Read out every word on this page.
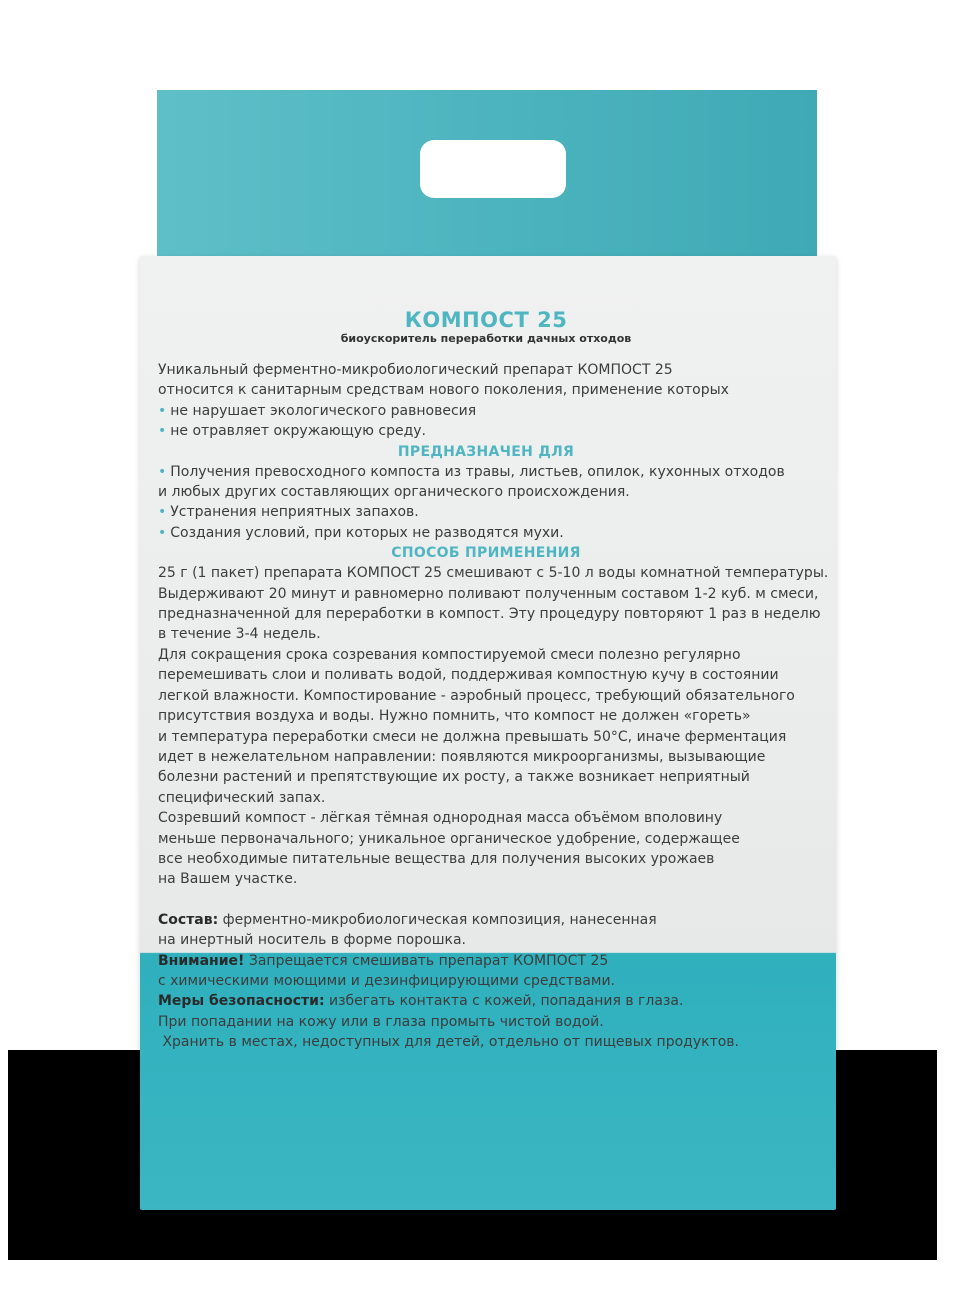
КОМПОСТ 25
биоускоритель переработки дачных отходов
Уникальный ферментно-микробиологический препарат КОМПОСТ 25
относится к санитарным средствам нового поколения, применение которых
• не нарушает экологического равновесия
• не отравляет окружающую среду.
ПРЕДНАЗНАЧЕН ДЛЯ
• Получения превосходного компоста из травы, листьев, опилок, кухонных отходов
и любых других составляющих органического происхождения.
• Устранения неприятных запахов.
• Создания условий, при которых не разводятся мухи.
СПОСОБ ПРИМЕНЕНИЯ
25 г (1 пакет) препарата КОМПОСТ 25 смешивают с 5-10 л воды комнатной температуры.
Выдерживают 20 минут и равномерно поливают полученным составом 1-2 куб. м смеси,
предназначенной для переработки в компост. Эту процедуру повторяют 1 раз в неделю
в течение 3-4 недель.
Для сокращения срока созревания компостируемой смеси полезно регулярно
перемешивать слои и поливать водой, поддерживая компостную кучу в состоянии
легкой влажности. Компостирование - аэробный процесс, требующий обязательного
присутствия воздуха и воды. Нужно помнить, что компост не должен «гореть»
и температура переработки смеси не должна превышать 50°С, иначе ферментация
идет в нежелательном направлении: появляются микроорганизмы, вызывающие
болезни растений и препятствующие их росту, а также возникает неприятный
специфический запах.
Созревший компост - лёгкая тёмная однородная масса объёмом вполовину
меньше первоначального; уникальное органическое удобрение, содержащее
все необходимые питательные вещества для получения высоких урожаев
на Вашем участке.
Состав: ферментно-микробиологическая композиция, нанесенная
на инертный носитель в форме порошка.
Внимание! Запрещается смешивать препарат КОМПОСТ 25
с химическими моющими и дезинфицирующими средствами.
Меры безопасности: избегать контакта с кожей, попадания в глаза.
При попадании на кожу или в глаза промыть чистой водой.
Хранить в местах, недоступных для детей, отдельно от пищевых продуктов.
